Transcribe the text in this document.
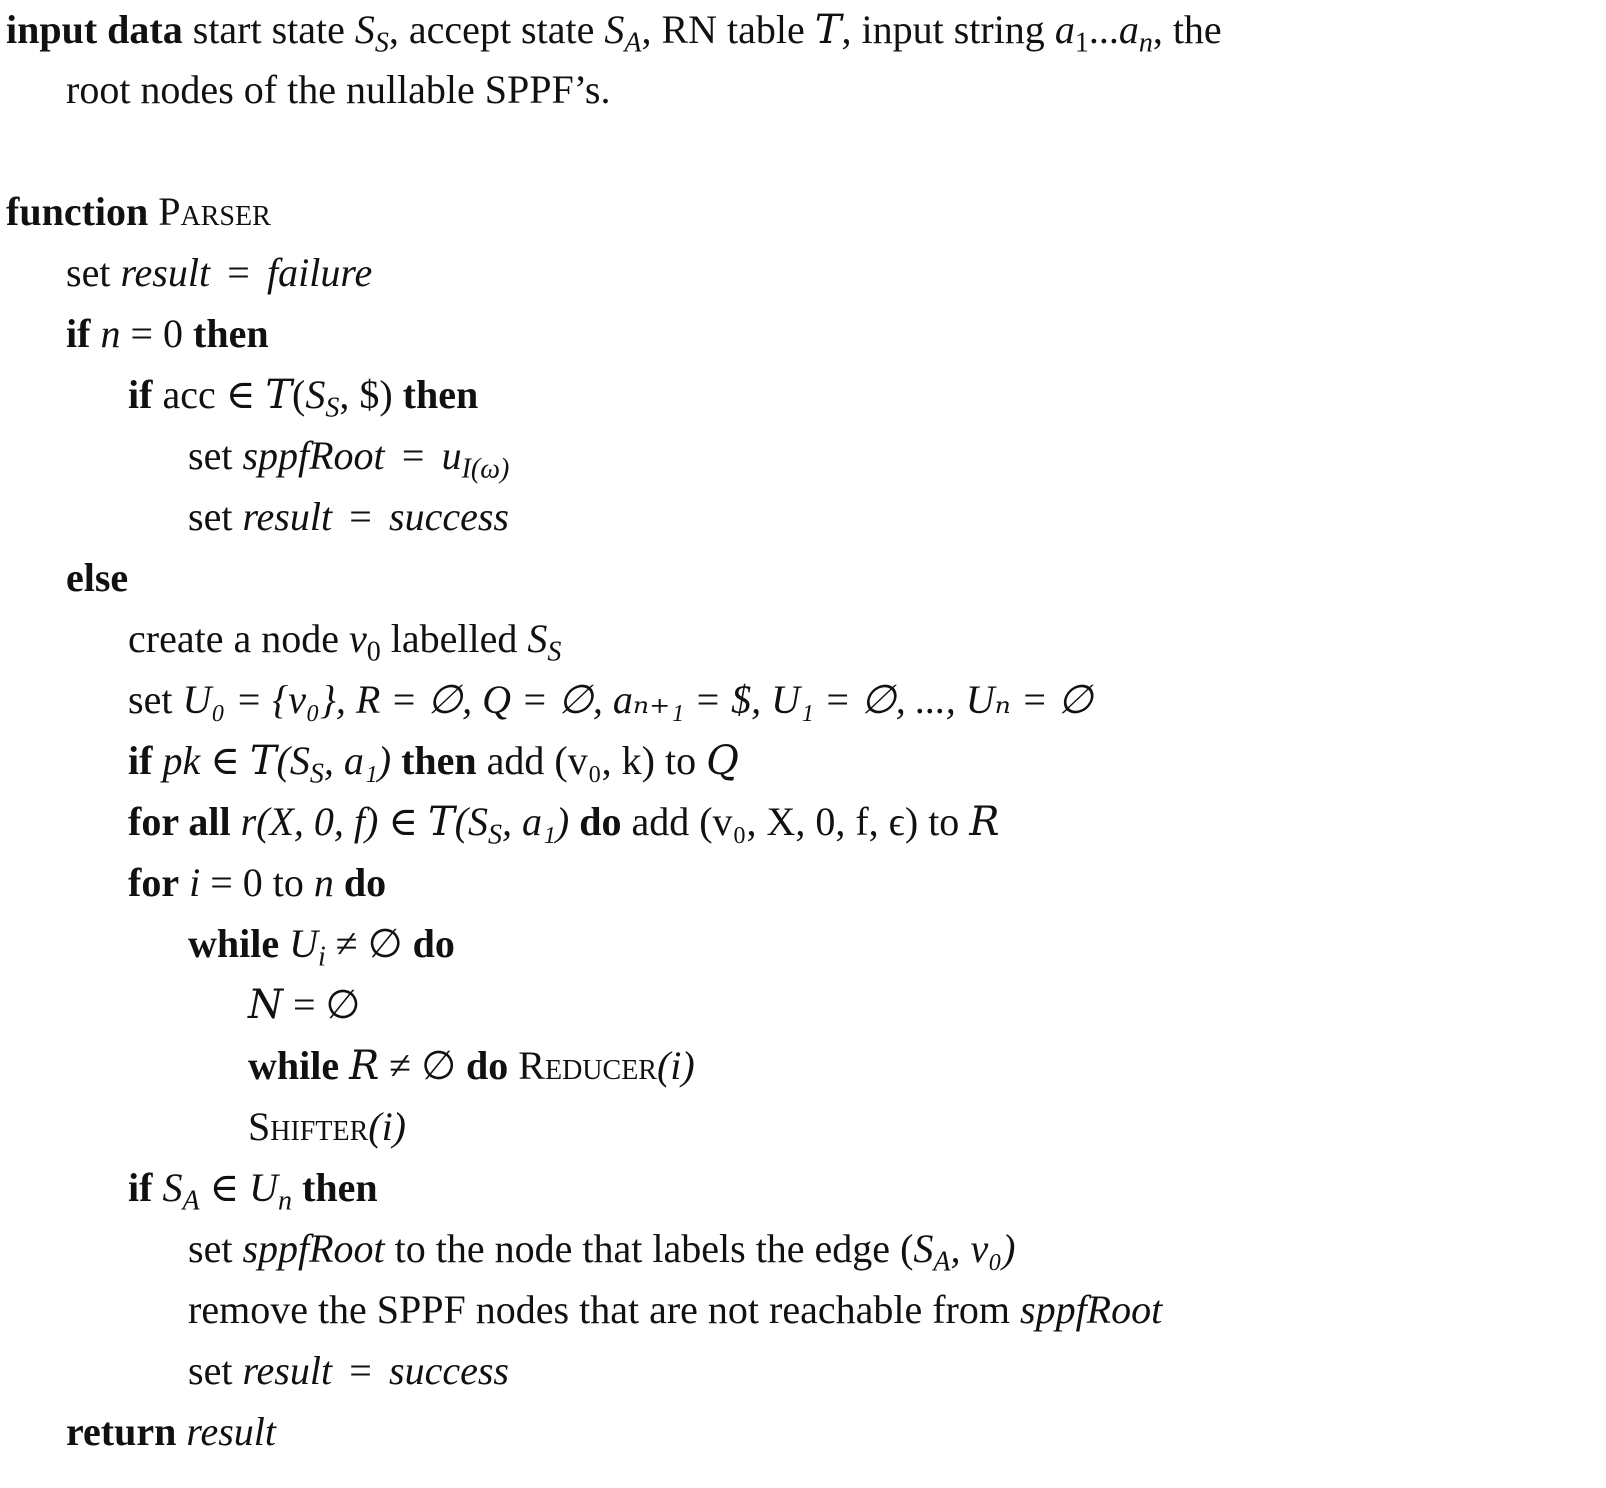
input data start state $S_S$, accept state $S_A$, RN table T, input string $a_1...a_n$, the
root nodes of the nullable SPPF’s.
function Parser
set result = failure
if n = 0 then
if acc ∈ $T(S_S$, $) then
set sppfRoot = $u_{I(\omega)}$
set result = success
else
create a node $v_0$ labelled $S_S$
set U₀ = {v₀}, R = ∅, Q = ∅, aₙ₊₁ = $, U₁ = ∅, ..., Uₙ = ∅
if pk ∈ $T(S_S$, a₁) then add (v₀, k) to Q
for all r(X, 0, f) ∈ $T(S_S$, a₁) do add (v₀, X, 0, f, ϵ) to R
for i = 0 to n do
while $U_i$ ≠ ∅ do
N = ∅
while R ≠ ∅ do Reducer(i)
Shifter(i)
if $S_A$ ∈ $U_n$ then
set sppfRoot to the node that labels the edge ($S_A$, v₀)
remove the SPPF nodes that are not reachable from sppfRoot
set result = success
return result
